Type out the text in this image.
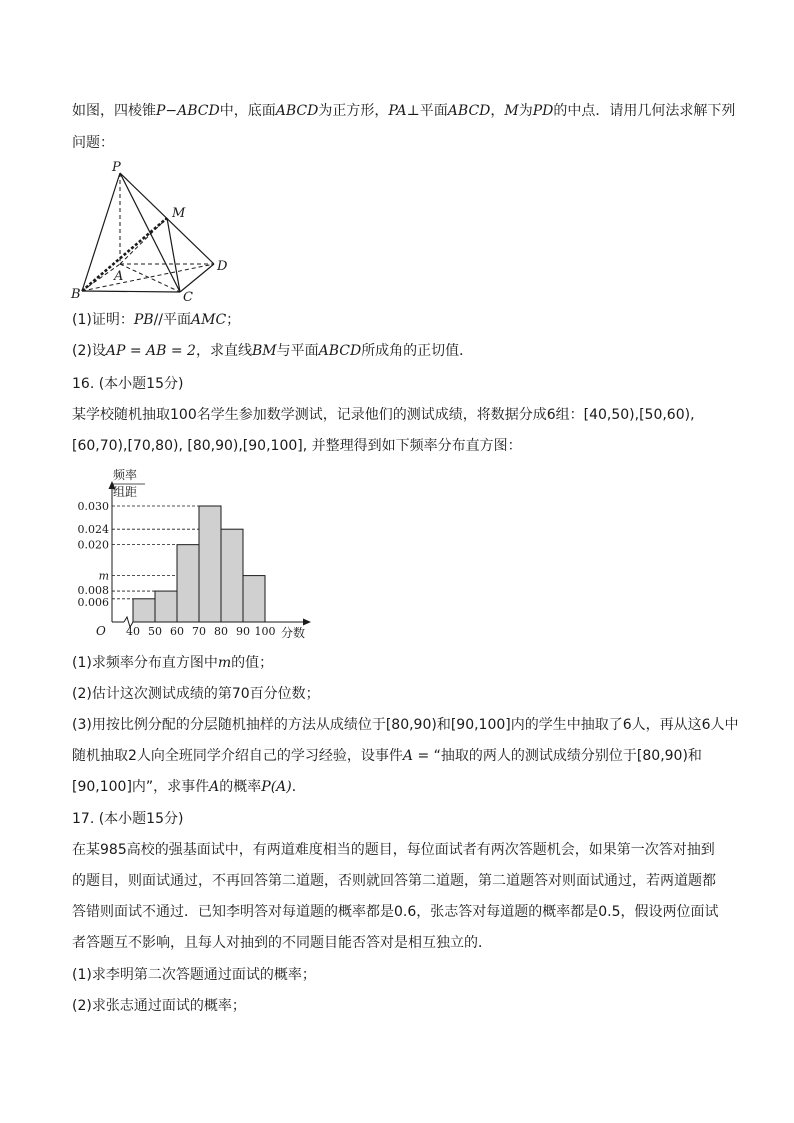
如图，四棱锥P−ABCD中，底面ABCD为正方形，PA⊥平面ABCD，M为PD的中点．请用几何法求解下列
问题：
P
M
A
B	C
D
(1)证明：PB//平面AMC；
(2)设AP = AB = 2，求直线BM与平面ABCD所成角的正切值．
16. (本小题15分)
某学校随机抽取100名学生参加数学测试，记录他们的测试成绩，将数据分成6组：[40,50),[50,60),
[60,70),[70,80), [80,90),[90,100], 并整理得到如下频率分布直方图：
频率
组距
O	分数
0.030
0.024
0.020
m
0.008
0.006
40 50 60 70 80 90 100
(1)求频率分布直方图中m的值；
(2)估计这次测试成绩的第70百分位数；
(3)用按比例分配的分层随机抽样的方法从成绩位于[80,90)和[90,100]内的学生中抽取了6人，再从这6人中
随机抽取2人向全班同学介绍自己的学习经验，设事件A = “抽取的两人的测试成绩分别位于[80,90)和
[90,100]内”，求事件A的概率P(A)．
17. (本小题15分)
在某985高校的强基面试中，有两道难度相当的题目，每位面试者有两次答题机会，如果第一次答对抽到
的题目，则面试通过，不再回答第二道题，否则就回答第二道题，第二道题答对则面试通过，若两道题都
答错则面试不通过．已知李明答对每道题的概率都是0.6，张志答对每道题的概率都是0.5，假设两位面试
者答题互不影响，且每人对抽到的不同题目能否答对是相互独立的．
(1)求李明第二次答题通过面试的概率；
(2)求张志通过面试的概率；
